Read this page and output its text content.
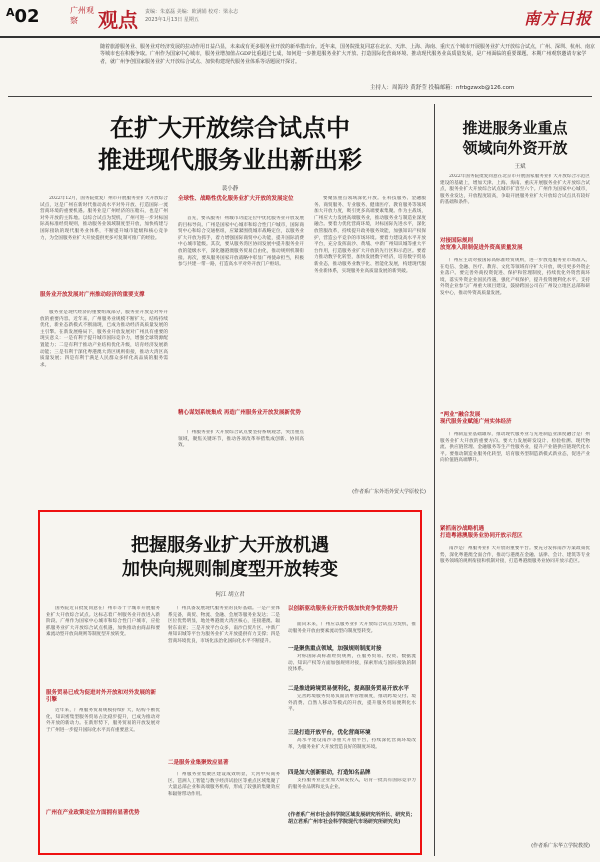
$^A$02	广州观察	观点 责编：朱嘉磊 美编：欧满娟 校对：梁永志
2023年1月13日 星期五	南方日报
随着旅游服务业、服务业对经济发展的拉动作用日益凸显，未来或有更多服务业开放的新举措出台。近年来，国务院批复同意在北京、天津、上海、海南、重庆五个城市开展服务业扩大开放综合试点，广州、深圳、杭州、南京等城市也在积极争取。广州作为国家中心城市，服务业增加值占GDP比重超过七成，如何进一步推进服务业扩大开放、打造国际化营商环境、推动现代服务业高质量发展，是广州面临的重要课题。本期广州观察邀请专家学者，就广州争创国家服务业扩大开放综合试点、加快构建现代服务业体系等话题展开探讨。
主持人：周海玲 黄舒莹 投稿邮箱：nfrbgzwxb@126.com
在扩大开放综合试点中
推进现代服务业出新出彩
裴小静

2022年12月，国务院批复广州市开展服务业扩大开放综合试点，这是广州在新时代推动高水平对外开放、打造国际一流营商环境的重要机遇。服务业是广州经济的压舱石，也是广州对外开放的主阵地。以综合试点为契机，广州可进一步对标国际高标准经贸规则，推动服务业领域制度型开放，加快构建与国际接轨的现代服务业体系，不断提升城市能级和核心竞争力，为全国服务业扩大开放提供更多可复制可推广的经验。

服务业开放发展对广州推动经济的重要支撑

服务业是现代经济的重要组成部分，服务业开放是对外开放的重要内容。近年来，广州服务业规模不断扩大，结构持续优化，新业态新模式不断涌现，已成为推动经济高质量发展的主引擎。在新发展格局下，服务业开放发展对广州具有重要的现实意义：一是有利于提升城市国际竞争力，增强全球资源配置能力；二是有利于推动产业结构优化升级，培育经济发展新动能；三是有利于深化粤港澳大湾区规则衔接，推动大湾区高质量发展；四是有利于满足人民群众多样化高品质的服务需求。

全球性、战略性优化服务业扩大开放的发展定位

首先，要从服务广州城市功能定位中优化服务业开放发展的目标导向。广州是国家中心城市和综合性门户城市，国际商贸中心和综合交通枢纽，应紧紧围绕城市战略定位，以服务业扩大开放为抓手，着力增强国际商贸中心功能，提升国际消费中心城市能级。其次，要从服务湾区协同发展中提升服务业开放的能级水平，深化穗港澳服务贸易自由化，推动规则机制衔接。再次，要从服务国家开放战略中彰显广州使命担当，积极参与共建一带一路，打造高水平对外开放门户枢纽。

精心谋划系统集成 再造广州服务业开放发展新优势

广州服务业扩大开放综合试点要坚持系统观念，突出重点领域，聚焦关键环节，推动各项改革举措集成创新、协同高效。

要聚焦重点领域深化开放。在科技服务、金融服务、商贸服务、专业服务、健康医疗、教育服务等领域加大开放力度，吸引更多高端要素集聚。作为主战场，广州应大力发展高端服务业，推动服务业与制造业深度融合。要着力优化营商环境，对标国际先进水平，深化放管服改革，持续提升政务服务效能，加强知识产权保护，营造公平竞争的市场环境。要着力建设高水平开放平台，充分发挥南沙、黄埔、中新广州知识城等重大平台作用，打造服务业扩大开放的先行区和示范区。要着力推动数字化转型，加快发展数字经济，培育数字贸易新业态，推动服务业数字化、智能化发展，构建现代服务业新体系，实现服务业高质量发展的新突破。

(作者系广东外语外贸大学原校长)
推进服务业重点
领域向外资开放
王斌

2022年国务院批复同意在北京市开展国家服务业扩大开放综合示范区建设的基础上，增加天津、上海、海南、重庆开展服务业扩大开放综合试点，服务业扩大开放综合试点城市扩容至六个。广州作为国家中心城市，服务业发达，开放程度较高，争取开展服务业扩大开放综合试点具有较好的基础和条件。

对接国际规则
放宽准入限制促进外资高质量发展

广州应主动对接国际高标准经贸规则，进一步放宽服务业市场准入，在电信、金融、医疗、教育、文化等领域有序扩大开放，吸引更多外资企业落户。要完善外商投资促进、保护和管理制度，持续优化外资营商环境，落实外资企业国民待遇，强化产权保护，提升投资便利化水平。支持外资企业参与广州重大项目建设，鼓励跨国公司在广州设立地区总部和研发中心，推动外资高质量发展。

“两业”融合发展
现代服务业赋能广州实体经济

广州制造业基础雄厚，推动现代服务业与先进制造业深度融合是广州服务业扩大开放的重要方向。要大力发展研发设计、检验检测、现代物流、供应链管理、金融服务等生产性服务业，提升产业链供应链现代化水平。要推动制造业服务化转型，培育服务型制造新模式新业态，促进产业向价值链高端攀升。

紧抓南沙战略机遇
打造粤港澳服务业协同开放示范区

南沙是广州服务业扩大开放的重要平台。要充分发挥南沙方案政策优势，深化粤港澳全面合作，推动与港澳在金融、法律、会计、建筑等专业服务领域的规则衔接和机制对接，打造粤港澳服务业协同开放示范区。

(作者系广东华立学院教授)
把握服务业扩大开放机遇
加快向规则制度型开放转变
何江 胡立君

国务院近日批复同意在广州市等十个城市开展服务业扩大开放综合试点。这标志着广州服务业开放进入新阶段。广州作为国家中心城市和综合性门户城市，应抢抓服务业扩大开放综合试点机遇，加快推动由商品和要素流动型开放向规则等制度型开放转变。

服务贸易已成为促进对外开放和对外发展的新引擎

近年来，广州服务贸易规模持续扩大，结构不断优化，知识密集型服务贸易占比稳步提升，已成为推动对外开放的新动力。在新形势下，服务贸易的开放发展对于广州进一步提升国际化水平具有重要意义。

广州在产业政策定位方面拥有显著优势

广州具备发展现代服务业的良好基础。一是产业体系完备，商贸、物流、金融、会展等服务业发达；二是区位优势明显，地处粤港澳大湾区核心，连接港澳、辐射东南亚；三是开放平台众多，南沙自贸片区、中新广州知识城等平台为服务业扩大开放提供有力支撑；四是营商环境优良，市场化法治化国际化水平不断提升。

二是服务业集聚效应显著

广州服务业集聚区建设成效明显，天河中央商务区、琶洲人工智能与数字经济试验区等重点区域集聚了大量总部企业和高端服务机构，形成了较强的集聚效应和辐射带动作用。

以创新驱动服务业开放升级加快竞争优势提升

面向未来，广州应以服务业扩大开放综合试点为契机，推动服务业开放由要素流动型向制度型转变。

一是聚焦重点领域，加强规则制度对接

对标国际高标准经贸规则，在服务贸易、投资、数据流动、知识产权等方面加强规则对接，探索形成与国际接轨的制度体系。

二是推进跨境贸易便利化，提高服务贸易开放水平

完善跨境服务贸易负面清单管理制度，推动跨境交付、境外消费、自然人移动等模式的开放，提升服务贸易便利化水平。

三是打造开放平台，优化营商环境

高水平建设南沙等重大开放平台，持续深化营商环境改革，为服务业扩大开放营造良好的制度环境。

四是加大创新驱动，打造知名品牌

支持服务业企业加大研发投入，培育一批具有国际竞争力的服务业品牌和龙头企业。

(作者系广州市社会科学院区域发展研究所所长、研究员；胡立君系广州市社会科学院现代市场研究所研究员)
